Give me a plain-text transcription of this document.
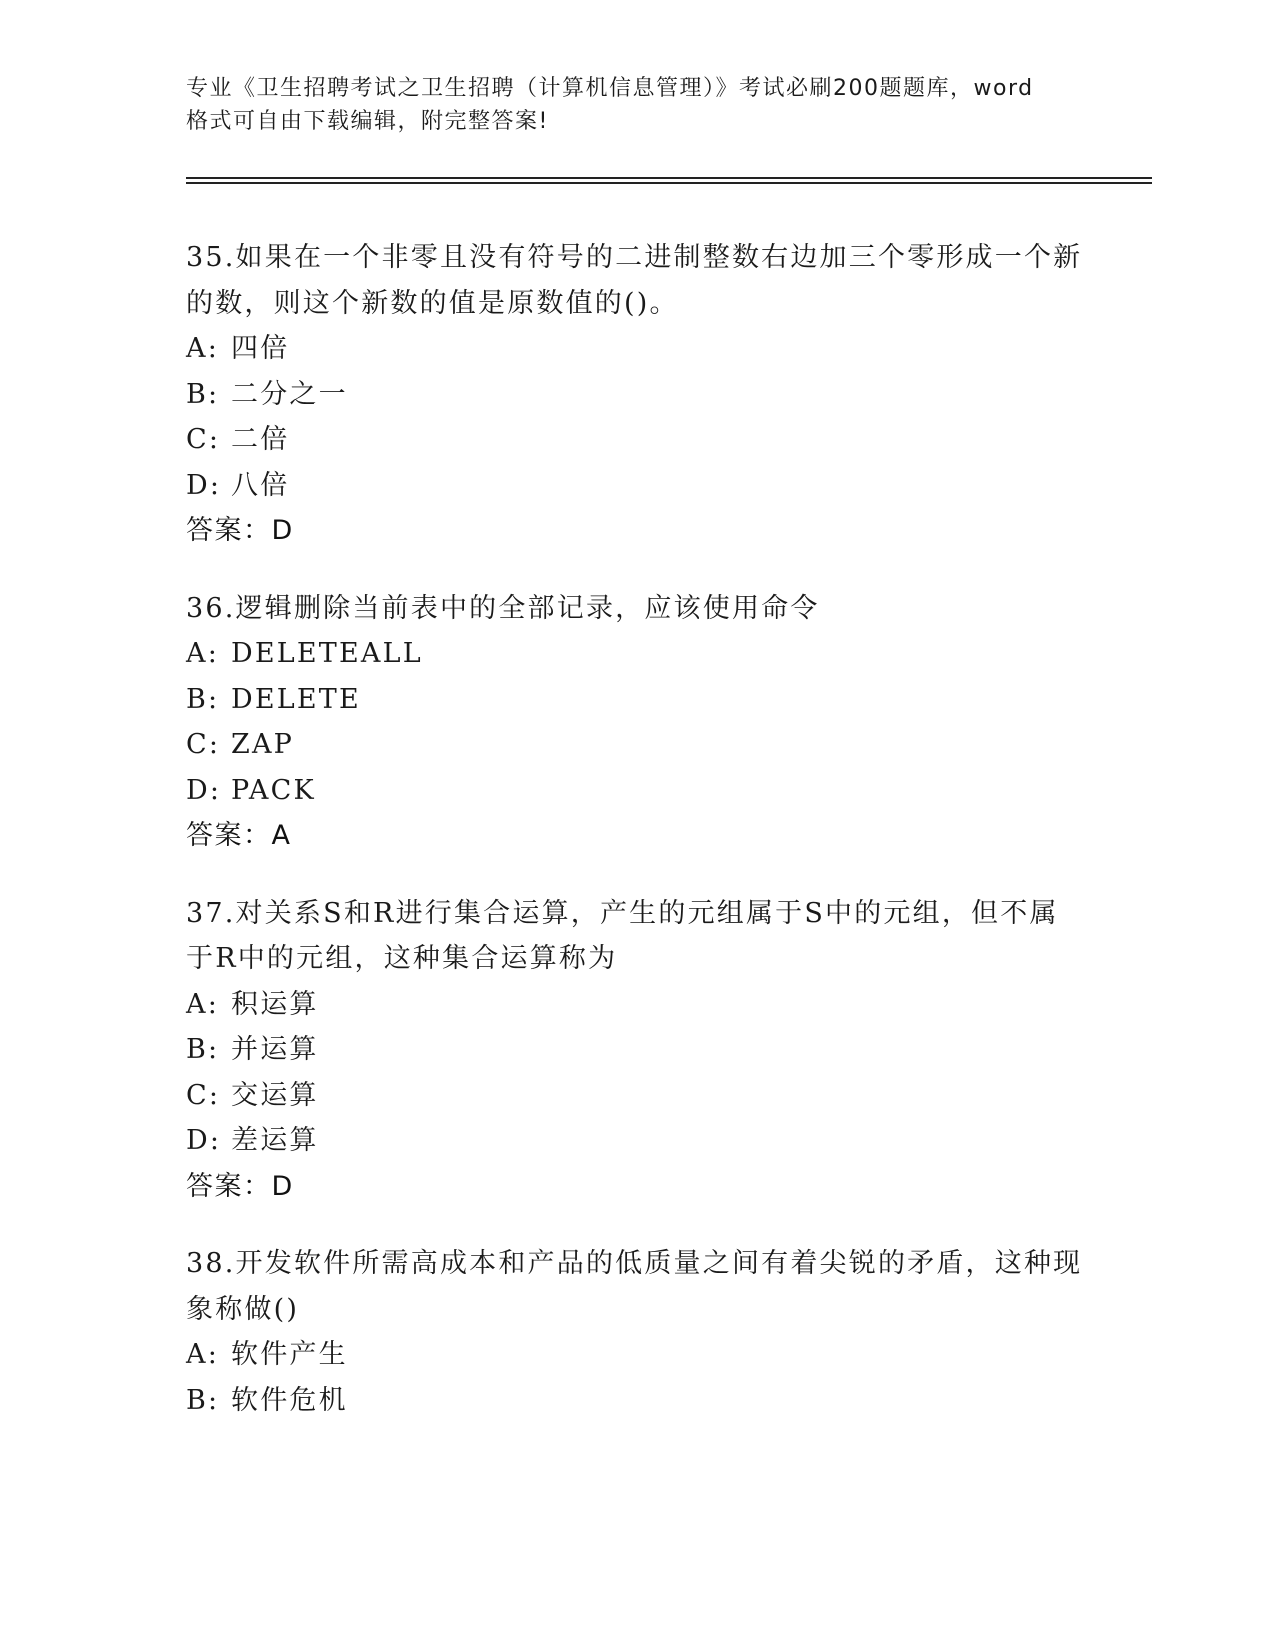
专业《卫生招聘考试之卫生招聘（计算机信息管理）》考试必刷200题题库，word
格式可自由下载编辑，附完整答案!
35.如果在一个非零且没有符号的二进制整数右边加三个零形成一个新
的数，则这个新数的值是原数值的()。
A: 四倍
B: 二分之一
C: 二倍
D: 八倍
答案：D
36.逻辑删除当前表中的全部记录，应该使用命令
A: DELETEALL
B: DELETE
C: ZAP
D: PACK
答案：A
37.对关系S和R进行集合运算，产生的元组属于S中的元组，但不属
于R中的元组，这种集合运算称为
A: 积运算
B: 并运算
C: 交运算
D: 差运算
答案：D
38.开发软件所需高成本和产品的低质量之间有着尖锐的矛盾，这种现
象称做()
A: 软件产生
B: 软件危机
